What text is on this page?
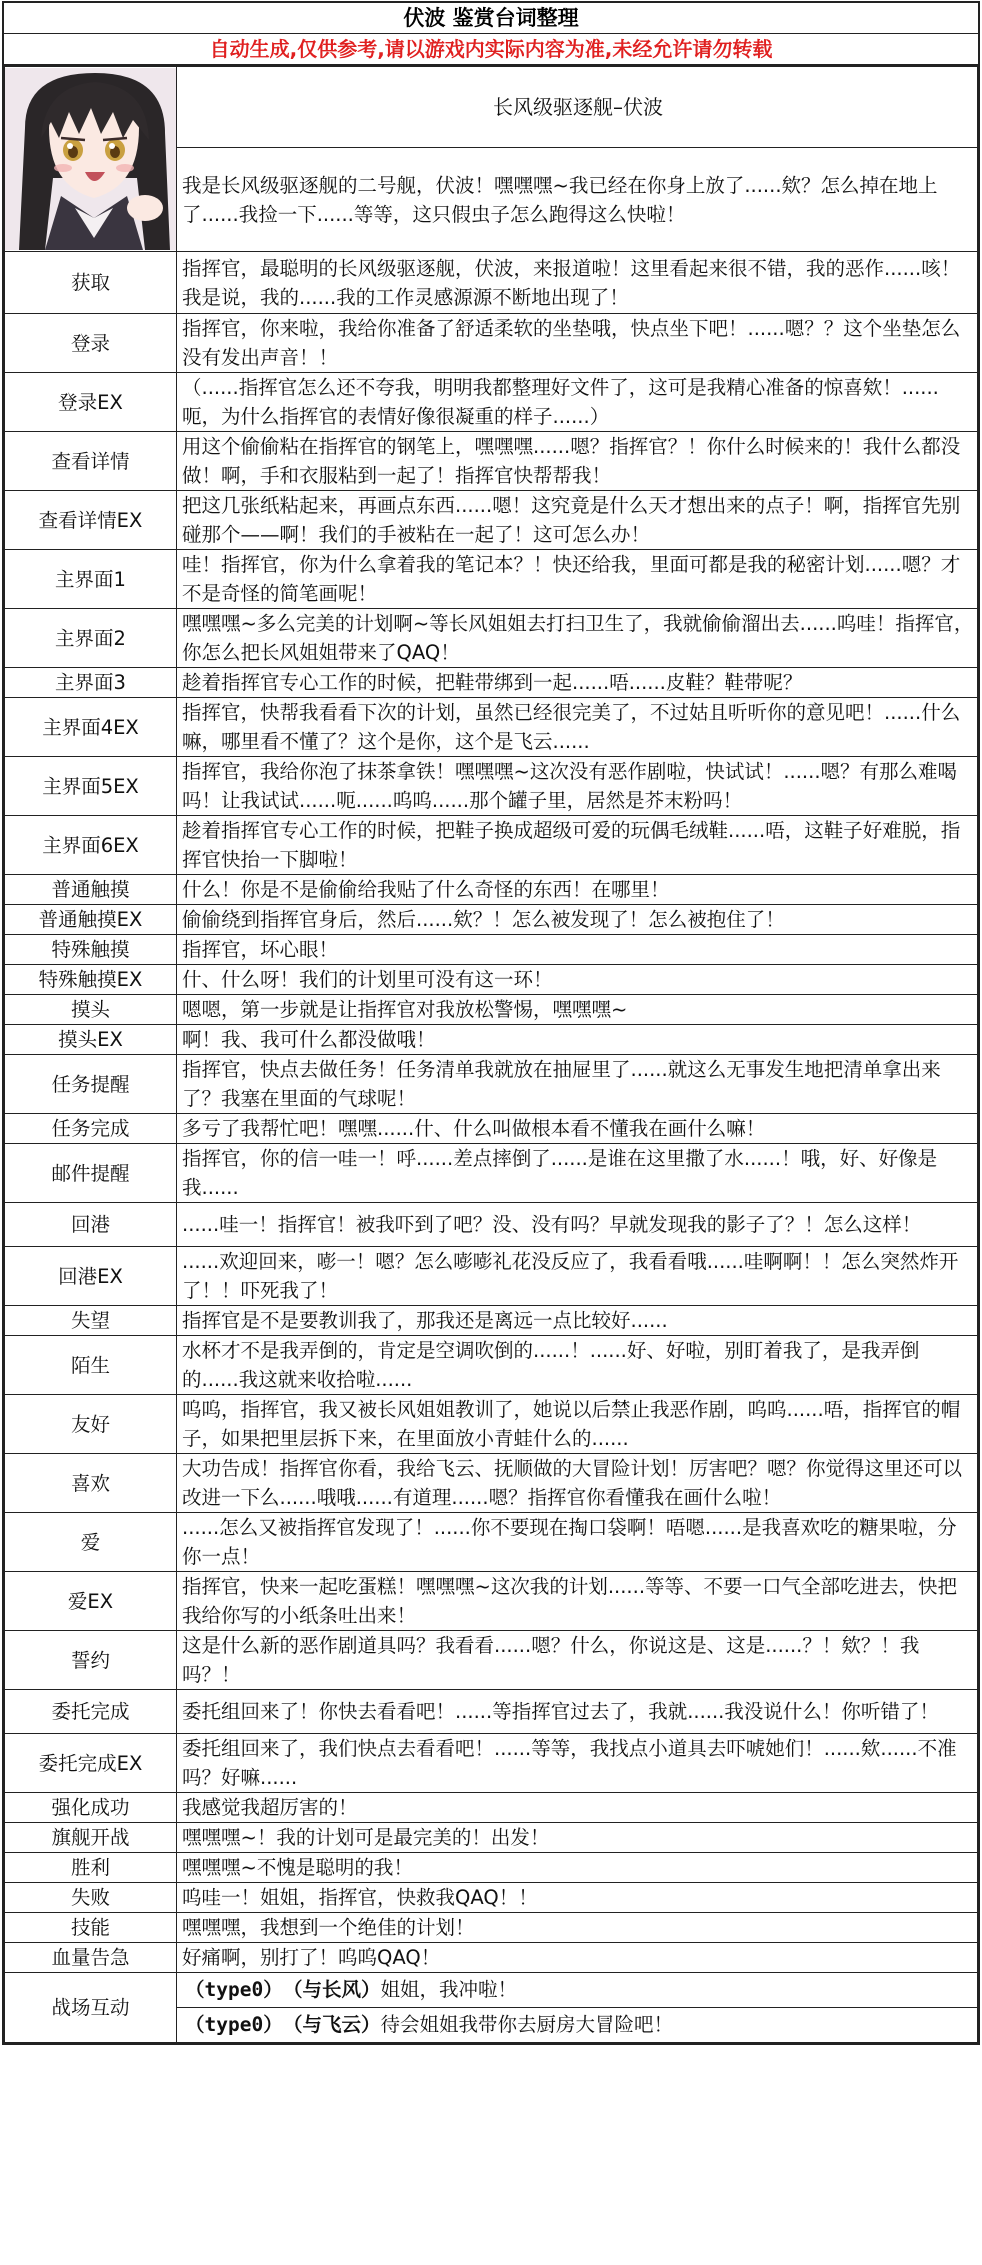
伏波 鉴赏台词整理
自动生成,仅供参考,请以游戏内实际内容为准,未经允许请勿转载
	长风级驱逐舰–伏波
	我是长风级驱逐舰的二号舰，伏波！嘿嘿嘿~我已经在你身上放了......欸？怎么掉在地上了......我捡一下......等等，这只假虫子怎么跑得这么快啦！
获取	指挥官，最聪明的长风级驱逐舰，伏波，来报道啦！这里看起来很不错，我的恶作......咳！我是说，我的......我的工作灵感源源不断地出现了！
登录	指挥官，你来啦，我给你准备了舒适柔软的坐垫哦，快点坐下吧！......嗯？？这个坐垫怎么没有发出声音！！
登录EX	（......指挥官怎么还不夸我，明明我都整理好文件了，这可是我精心准备的惊喜欸！......呃，为什么指挥官的表情好像很凝重的样子......）
查看详情	用这个偷偷粘在指挥官的钢笔上，嘿嘿嘿......嗯？指挥官？！你什么时候来的！我什么都没做！啊，手和衣服粘到一起了！指挥官快帮帮我！
查看详情EX	把这几张纸粘起来，再画点东西......嗯！这究竟是什么天才想出来的点子！啊，指挥官先别碰那个——啊！我们的手被粘在一起了！这可怎么办！
主界面1	哇！指挥官，你为什么拿着我的笔记本？！快还给我，里面可都是我的秘密计划......嗯？才不是奇怪的简笔画呢！
主界面2	嘿嘿嘿~多么完美的计划啊~等长风姐姐去打扫卫生了，我就偷偷溜出去......呜哇！指挥官，你怎么把长风姐姐带来了QAQ！
主界面3	趁着指挥官专心工作的时候，把鞋带绑到一起......唔......皮鞋？鞋带呢？
主界面4EX	指挥官，快帮我看看下次的计划，虽然已经很完美了，不过姑且听听你的意见吧！......什么嘛，哪里看不懂了？这个是你，这个是飞云......
主界面5EX	指挥官，我给你泡了抹茶拿铁！嘿嘿嘿~这次没有恶作剧啦，快试试！......嗯？有那么难喝吗！让我试试......呃......呜呜......那个罐子里，居然是芥末粉吗！
主界面6EX	趁着指挥官专心工作的时候，把鞋子换成超级可爱的玩偶毛绒鞋......唔，这鞋子好难脱，指挥官快抬一下脚啦！
普通触摸	什么！你是不是偷偷给我贴了什么奇怪的东西！在哪里！
普通触摸EX	偷偷绕到指挥官身后，然后......欸？！怎么被发现了！怎么被抱住了！
特殊触摸	指挥官，坏心眼！
特殊触摸EX	什、什么呀！我们的计划里可没有这一环！
摸头	嗯嗯，第一步就是让指挥官对我放松警惕，嘿嘿嘿~
摸头EX	啊！我、我可什么都没做哦！
任务提醒	指挥官，快点去做任务！任务清单我就放在抽屉里了......就这么无事发生地把清单拿出来了？我塞在里面的气球呢！
任务完成	多亏了我帮忙吧！嘿嘿......什、什么叫做根本看不懂我在画什么嘛！
邮件提醒	指挥官，你的信一哇一！呼......差点摔倒了......是谁在这里撒了水......！哦，好、好像是我......
回港	......哇一！指挥官！被我吓到了吧？没、没有吗？早就发现我的影子了？！怎么这样！
回港EX	......欢迎回来，嘭一！嗯？怎么嘭嘭礼花没反应了，我看看哦......哇啊啊！！怎么突然炸开了！！吓死我了！
失望	指挥官是不是要教训我了，那我还是离远一点比较好......
陌生	水杯才不是我弄倒的，肯定是空调吹倒的......！......好、好啦，别盯着我了，是我弄倒的......我这就来收拾啦......
友好	呜呜，指挥官，我又被长风姐姐教训了，她说以后禁止我恶作剧，呜呜......唔，指挥官的帽子，如果把里层拆下来，在里面放小青蛙什么的......
喜欢	大功告成！指挥官你看，我给飞云、抚顺做的大冒险计划！厉害吧？嗯？你觉得这里还可以改进一下么......哦哦......有道理......嗯？指挥官你看懂我在画什么啦！
爱	......怎么又被指挥官发现了！......你不要现在掏口袋啊！唔嗯......是我喜欢吃的糖果啦，分你一点！
爱EX	指挥官，快来一起吃蛋糕！嘿嘿嘿~这次我的计划......等等、不要一口气全部吃进去，快把我给你写的小纸条吐出来！
誓约	这是什么新的恶作剧道具吗？我看看......嗯？什么，你说这是、这是......？！欸？！我吗？！
委托完成	委托组回来了！你快去看看吧！......等指挥官过去了，我就......我没说什么！你听错了！
委托完成EX	委托组回来了，我们快点去看看吧！......等等，我找点小道具去吓唬她们！......欸......不准吗？好嘛......
强化成功	我感觉我超厉害的！
旗舰开战	嘿嘿嘿~！我的计划可是最完美的！出发！
胜利	嘿嘿嘿~不愧是聪明的我！
失败	呜哇一！姐姐，指挥官，快救我QAQ！！
技能	嘿嘿嘿，我想到一个绝佳的计划！
血量告急	好痛啊，别打了！呜呜QAQ！
战场互动	（type0） （与长风）姐姐，我冲啦！
（type0） （与飞云）待会姐姐我带你去厨房大冒险吧！
